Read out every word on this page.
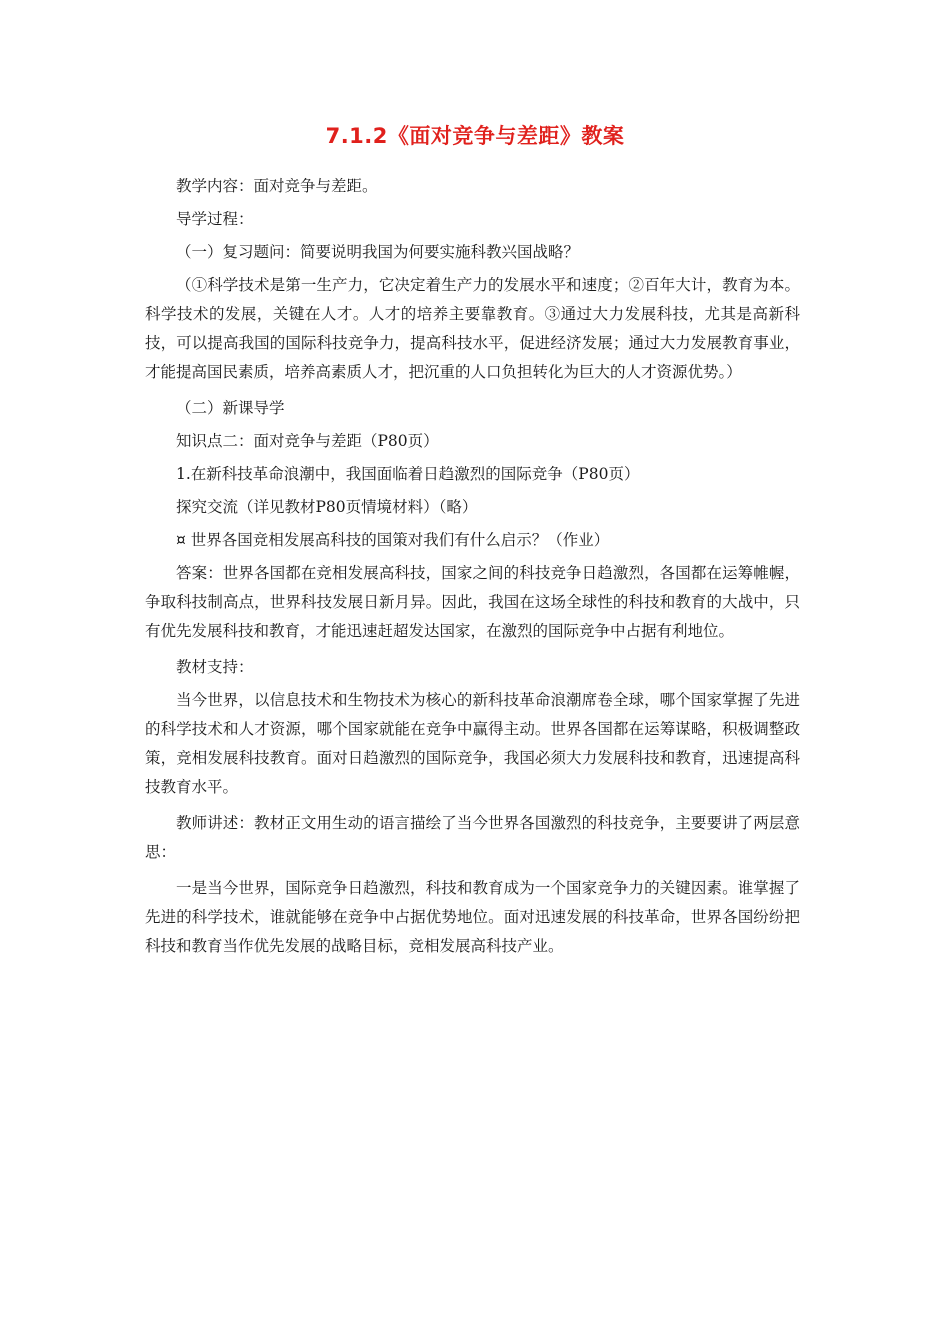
7.1.2《面对竞争与差距》教案

教学内容：面对竞争与差距。

导学过程：

（一）复习题问：简要说明我国为何要实施科教兴国战略？

（①科学技术是第一生产力，它决定着生产力的发展水平和速度；②百年大计，教育为本。科学技术的发展，关键在人才。人才的培养主要靠教育。③通过大力发展科技，尤其是高新科技，可以提高我国的国际科技竞争力，提高科技水平，促进经济发展；通过大力发展教育事业，才能提高国民素质，培养高素质人才，把沉重的人口负担转化为巨大的人才资源优势。）

（二）新课导学

知识点二：面对竞争与差距（P80页）

1.在新科技革命浪潮中，我国面临着日趋激烈的国际竞争（P80页）

探究交流（详见教材P80页情境材料）（略）

¤ 世界各国竞相发展高科技的国策对我们有什么启示？（作业）

答案：世界各国都在竞相发展高科技，国家之间的科技竞争日趋激烈，各国都在运筹帷幄，争取科技制高点，世界科技发展日新月异。因此，我国在这场全球性的科技和教育的大战中，只有优先发展科技和教育，才能迅速赶超发达国家，在激烈的国际竞争中占据有利地位。

教材支持：

当今世界，以信息技术和生物技术为核心的新科技革命浪潮席卷全球，哪个国家掌握了先进的科学技术和人才资源，哪个国家就能在竞争中赢得主动。世界各国都在运筹谋略，积极调整政策，竞相发展科技教育。面对日趋激烈的国际竞争，我国必须大力发展科技和教育，迅速提高科技教育水平。

教师讲述：教材正文用生动的语言描绘了当今世界各国激烈的科技竞争，主要要讲了两层意思：

一是当今世界，国际竞争日趋激烈，科技和教育成为一个国家竞争力的关键因素。谁掌握了先进的科学技术，谁就能够在竞争中占据优势地位。面对迅速发展的科技革命，世界各国纷纷把科技和教育当作优先发展的战略目标，竞相发展高科技产业。
